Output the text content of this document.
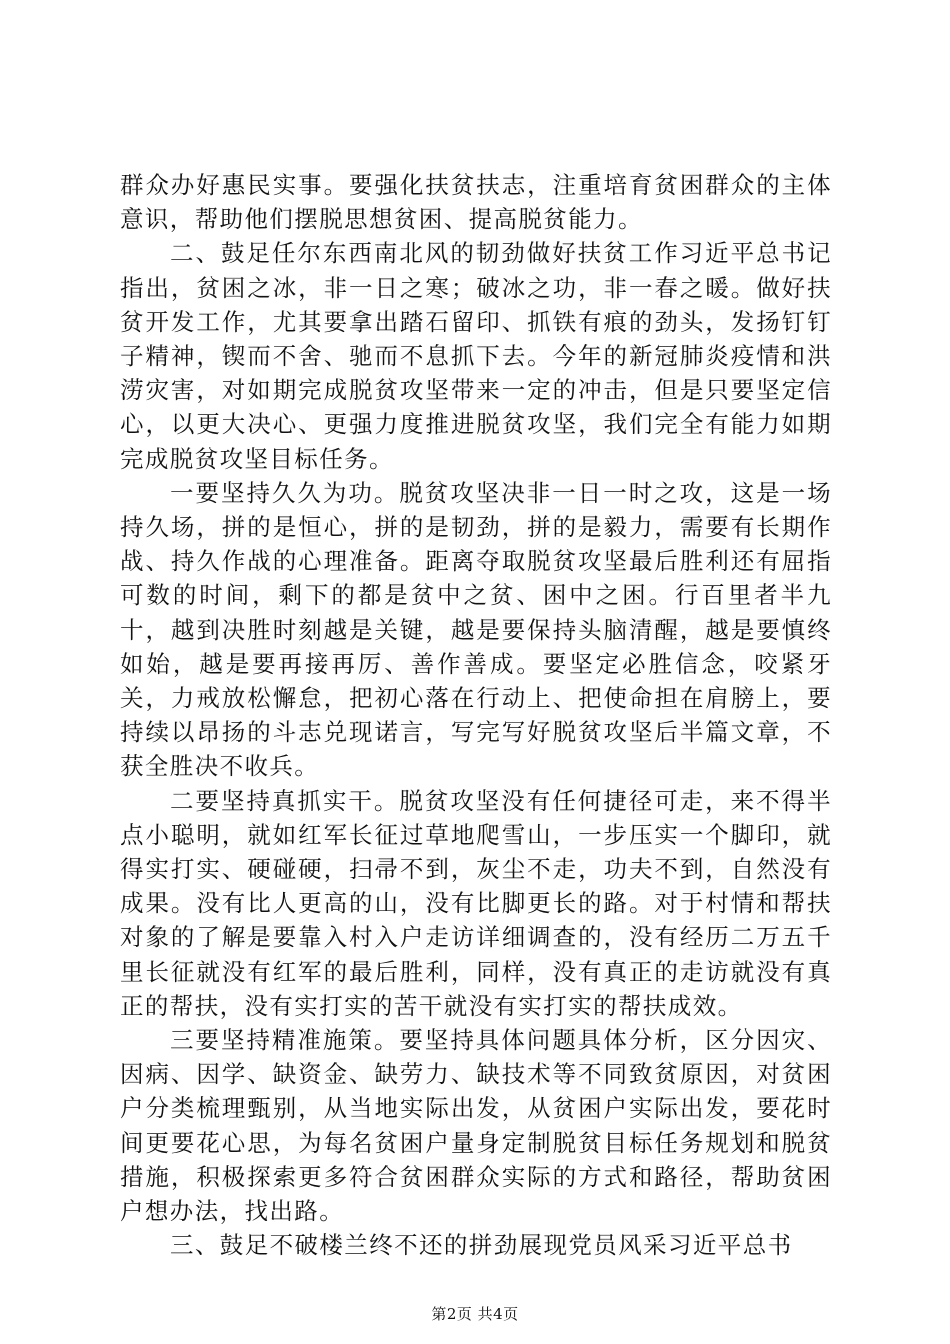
群众办好惠民实事。要强化扶贫扶志，注重培育贫困群众的主体意识，帮助他们摆脱思想贫困、提高脱贫能力。

二、鼓足任尔东西南北风的韧劲做好扶贫工作习近平总书记指出，贫困之冰，非一日之寒；破冰之功，非一春之暖。做好扶贫开发工作，尤其要拿出踏石留印、抓铁有痕的劲头，发扬钉钉子精神，锲而不舍、驰而不息抓下去。今年的新冠肺炎疫情和洪涝灾害，对如期完成脱贫攻坚带来一定的冲击，但是只要坚定信心，以更大决心、更强力度推进脱贫攻坚，我们完全有能力如期完成脱贫攻坚目标任务。

一要坚持久久为功。脱贫攻坚决非一日一时之攻，这是一场持久场，拼的是恒心，拼的是韧劲，拼的是毅力，需要有长期作战、持久作战的心理准备。距离夺取脱贫攻坚最后胜利还有屈指可数的时间，剩下的都是贫中之贫、困中之困。行百里者半九十，越到决胜时刻越是关键，越是要保持头脑清醒，越是要慎终如始，越是要再接再厉、善作善成。要坚定必胜信念，咬紧牙关，力戒放松懈怠，把初心落在行动上、把使命担在肩膀上，要持续以昂扬的斗志兑现诺言，写完写好脱贫攻坚后半篇文章，不获全胜决不收兵。

二要坚持真抓实干。脱贫攻坚没有任何捷径可走，来不得半点小聪明，就如红军长征过草地爬雪山，一步压实一个脚印，就得实打实、硬碰硬，扫帚不到，灰尘不走，功夫不到，自然没有成果。没有比人更高的山，没有比脚更长的路。对于村情和帮扶对象的了解是要靠入村入户走访详细调查的，没有经历二万五千里长征就没有红军的最后胜利，同样，没有真正的走访就没有真正的帮扶，没有实打实的苦干就没有实打实的帮扶成效。

三要坚持精准施策。要坚持具体问题具体分析，区分因灾、因病、因学、缺资金、缺劳力、缺技术等不同致贫原因，对贫困户分类梳理甄别，从当地实际出发，从贫困户实际出发，要花时间更要花心思，为每名贫困户量身定制脱贫目标任务规划和脱贫措施，积极探索更多符合贫困群众实际的方式和路径，帮助贫困户想办法，找出路。

三、鼓足不破楼兰终不还的拼劲展现党员风采习近平总书

第2页 共4页
